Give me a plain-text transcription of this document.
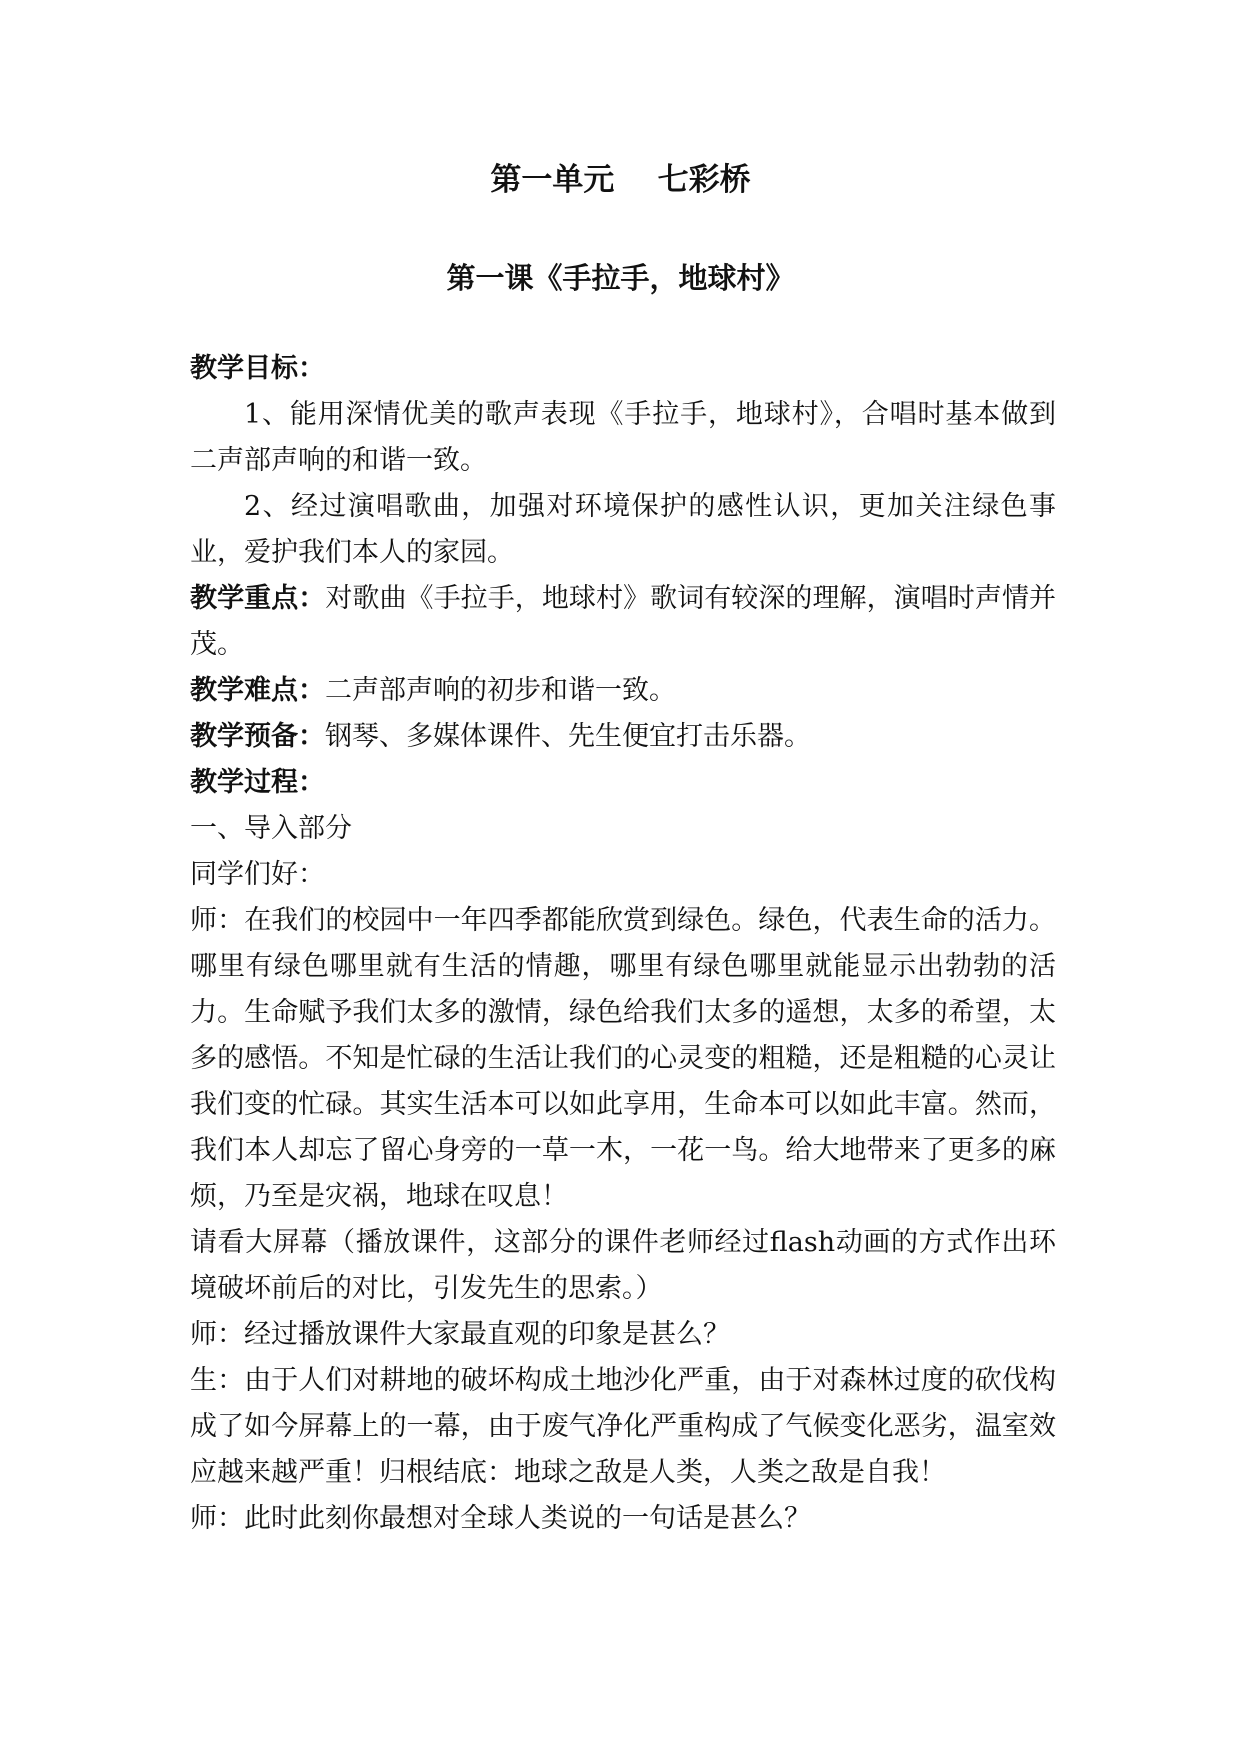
第一单元    七彩桥
第一课《手拉手，地球村》

教学目标：

1、能用深情优美的歌声表现《手拉手，地球村》，合唱时基本做到二声部声响的和谐一致。

2、经过演唱歌曲，加强对环境保护的感性认识，更加关注绿色事业，爱护我们本人的家园。

教学重点：对歌曲《手拉手，地球村》歌词有较深的理解，演唱时声情并茂。

教学难点：二声部声响的初步和谐一致。

教学预备：钢琴、多媒体课件、先生便宜打击乐器。

教学过程：

一、导入部分

同学们好：

师：在我们的校园中一年四季都能欣赏到绿色。绿色，代表生命的活力。哪里有绿色哪里就有生活的情趣，哪里有绿色哪里就能显示出勃勃的活力。生命赋予我们太多的激情，绿色给我们太多的遥想，太多的希望，太多的感悟。不知是忙碌的生活让我们的心灵变的粗糙，还是粗糙的心灵让我们变的忙碌。其实生活本可以如此享用，生命本可以如此丰富。然而，我们本人却忘了留心身旁的一草一木，一花一鸟。给大地带来了更多的麻烦，乃至是灾祸，地球在叹息！

请看大屏幕（播放课件，这部分的课件老师经过flash动画的方式作出环境破坏前后的对比，引发先生的思索。）

师：经过播放课件大家最直观的印象是甚么？

生：由于人们对耕地的破坏构成土地沙化严重，由于对森林过度的砍伐构成了如今屏幕上的一幕，由于废气净化严重构成了气候变化恶劣，温室效应越来越严重！归根结底：地球之敌是人类，人类之敌是自我！

师：此时此刻你最想对全球人类说的一句话是甚么？
